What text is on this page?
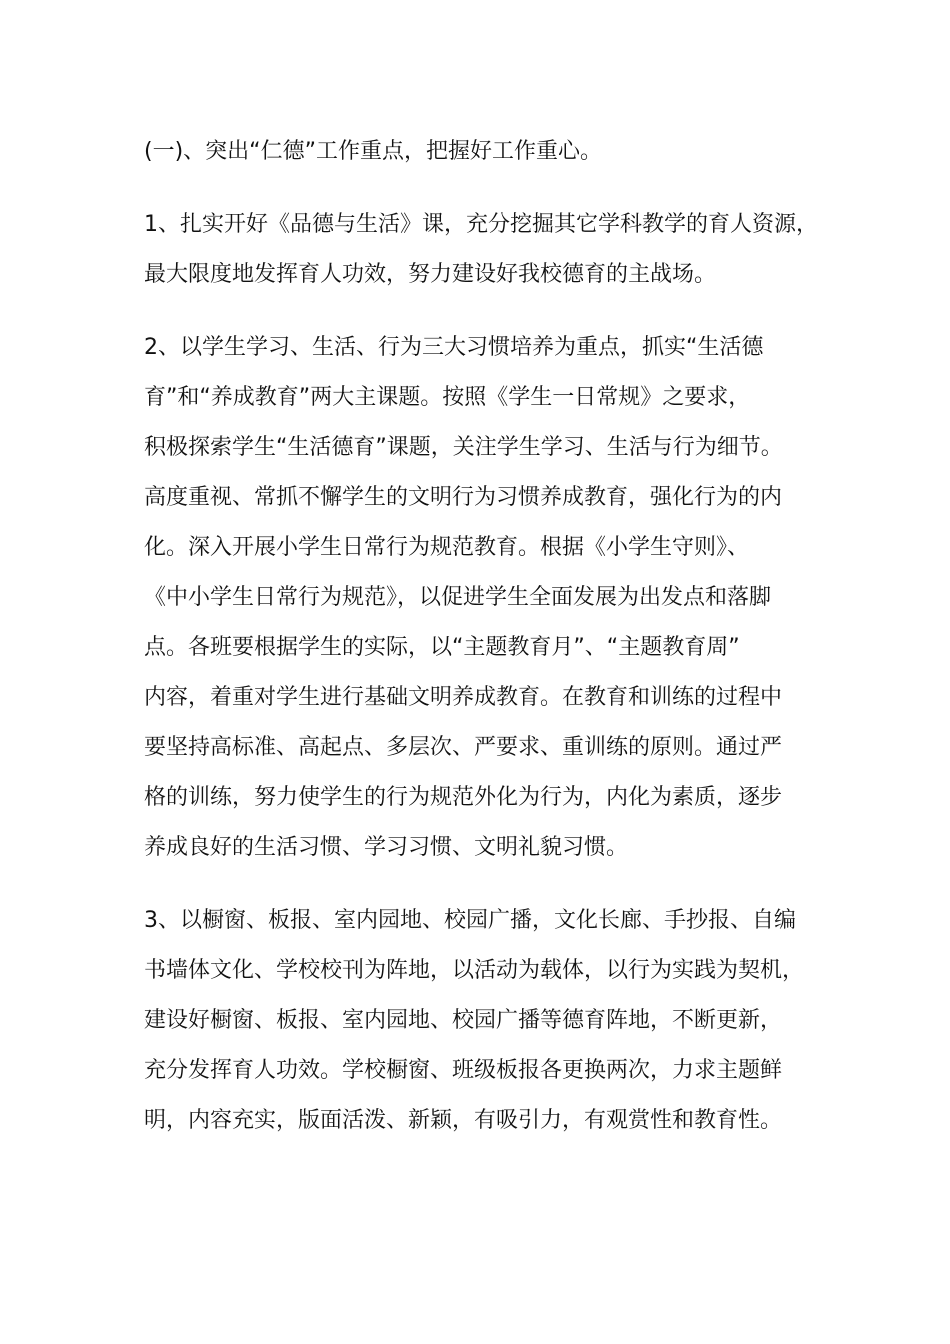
(一)、突出“仁德”工作重点，把握好工作重心。
1、扎实开好《品德与生活》课，充分挖掘其它学科教学的育人资源，
最大限度地发挥育人功效，努力建设好我校德育的主战场。
2、以学生学习、生活、行为三大习惯培养为重点，抓实“生活德
育”和“养成教育”两大主课题。按照《学生一日常规》之要求，
积极探索学生“生活德育”课题，关注学生学习、生活与行为细节。
高度重视、常抓不懈学生的文明行为习惯养成教育，强化行为的内
化。深入开展小学生日常行为规范教育。根据《小学生守则》、
《中小学生日常行为规范》，以促进学生全面发展为出发点和落脚
点。各班要根据学生的实际，以“主题教育月”、“主题教育周”
内容，着重对学生进行基础文明养成教育。在教育和训练的过程中
要坚持高标准、高起点、多层次、严要求、重训练的原则。通过严
格的训练，努力使学生的行为规范外化为行为，内化为素质，逐步
养成良好的生活习惯、学习习惯、文明礼貌习惯。
3、以橱窗、板报、室内园地、校园广播，文化长廊、手抄报、自编
书墙体文化、学校校刊为阵地，以活动为载体，以行为实践为契机，
建设好橱窗、板报、室内园地、校园广播等德育阵地，不断更新，
充分发挥育人功效。学校橱窗、班级板报各更换两次，力求主题鲜
明，内容充实，版面活泼、新颖，有吸引力，有观赏性和教育性。
